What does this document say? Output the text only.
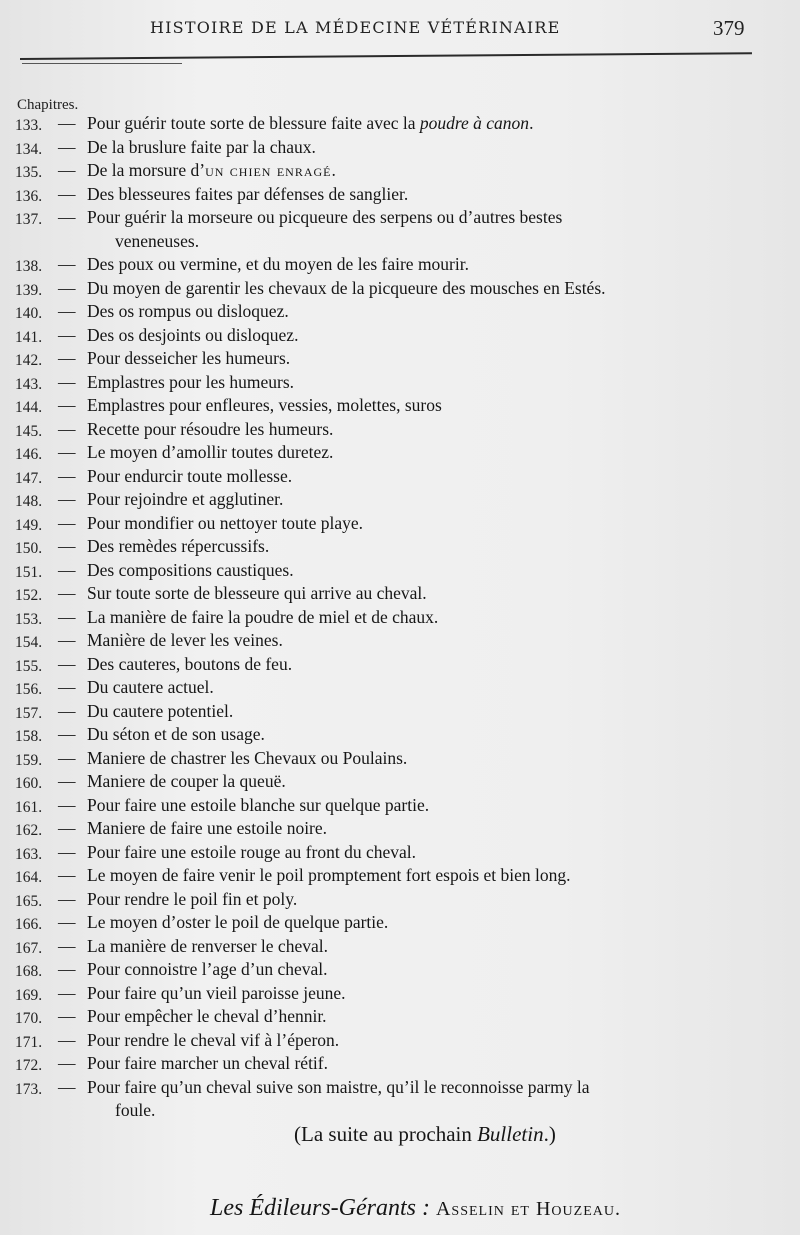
HISTOIRE DE LA MÉDECINE VÉTÉRINAIRE	379
Chapitres.
133. — Pour guérir toute sorte de blessure faite avec la poudre à canon.
134. — De la bruslure faite par la chaux.
135. — De la morsure d’un chien enragé.
136. — Des blesseures faites par défenses de sanglier.
137. — Pour guérir la morseure ou picqueure des serpens ou d’autres bestes
veneneuses.
138. — Des poux ou vermine, et du moyen de les faire mourir.
139. — Du moyen de garentir les chevaux de la picqueure des mousches en Estés.
140. — Des os rompus ou disloquez.
141. — Des os desjoints ou disloquez.
142. — Pour desseicher les humeurs.
143. — Emplastres pour les humeurs.
144. — Emplastres pour enfleures, vessies, molettes, suros
145. — Recette pour résoudre les humeurs.
146. — Le moyen d’amollir toutes duretez.
147. — Pour endurcir toute mollesse.
148. — Pour rejoindre et agglutiner.
149. — Pour mondifier ou nettoyer toute playe.
150. — Des remèdes répercussifs.
151. — Des compositions caustiques.
152. — Sur toute sorte de blesseure qui arrive au cheval.
153. — La manière de faire la poudre de miel et de chaux.
154. — Manière de lever les veines.
155. — Des cauteres, boutons de feu.
156. — Du cautere actuel.
157. — Du cautere potentiel.
158. — Du séton et de son usage.
159. — Maniere de chastrer les Chevaux ou Poulains.
160. — Maniere de couper la queuë.
161. — Pour faire une estoile blanche sur quelque partie.
162. — Maniere de faire une estoile noire.
163. — Pour faire une estoile rouge au front du cheval.
164. — Le moyen de faire venir le poil promptement fort espois et bien long.
165. — Pour rendre le poil fin et poly.
166. — Le moyen d’oster le poil de quelque partie.
167. — La manière de renverser le cheval.
168. — Pour connoistre l’age d’un cheval.
169. — Pour faire qu’un vieil paroisse jeune.
170. — Pour empêcher le cheval d’hennir.
171. — Pour rendre le cheval vif à l’éperon.
172. — Pour faire marcher un cheval rétif.
173. — Pour faire qu’un cheval suive son maistre, qu’il le reconnoisse parmy la
foule.
(La suite au prochain Bulletin.)
Les Édileurs-Gérants : Asselin et Houzeau.
